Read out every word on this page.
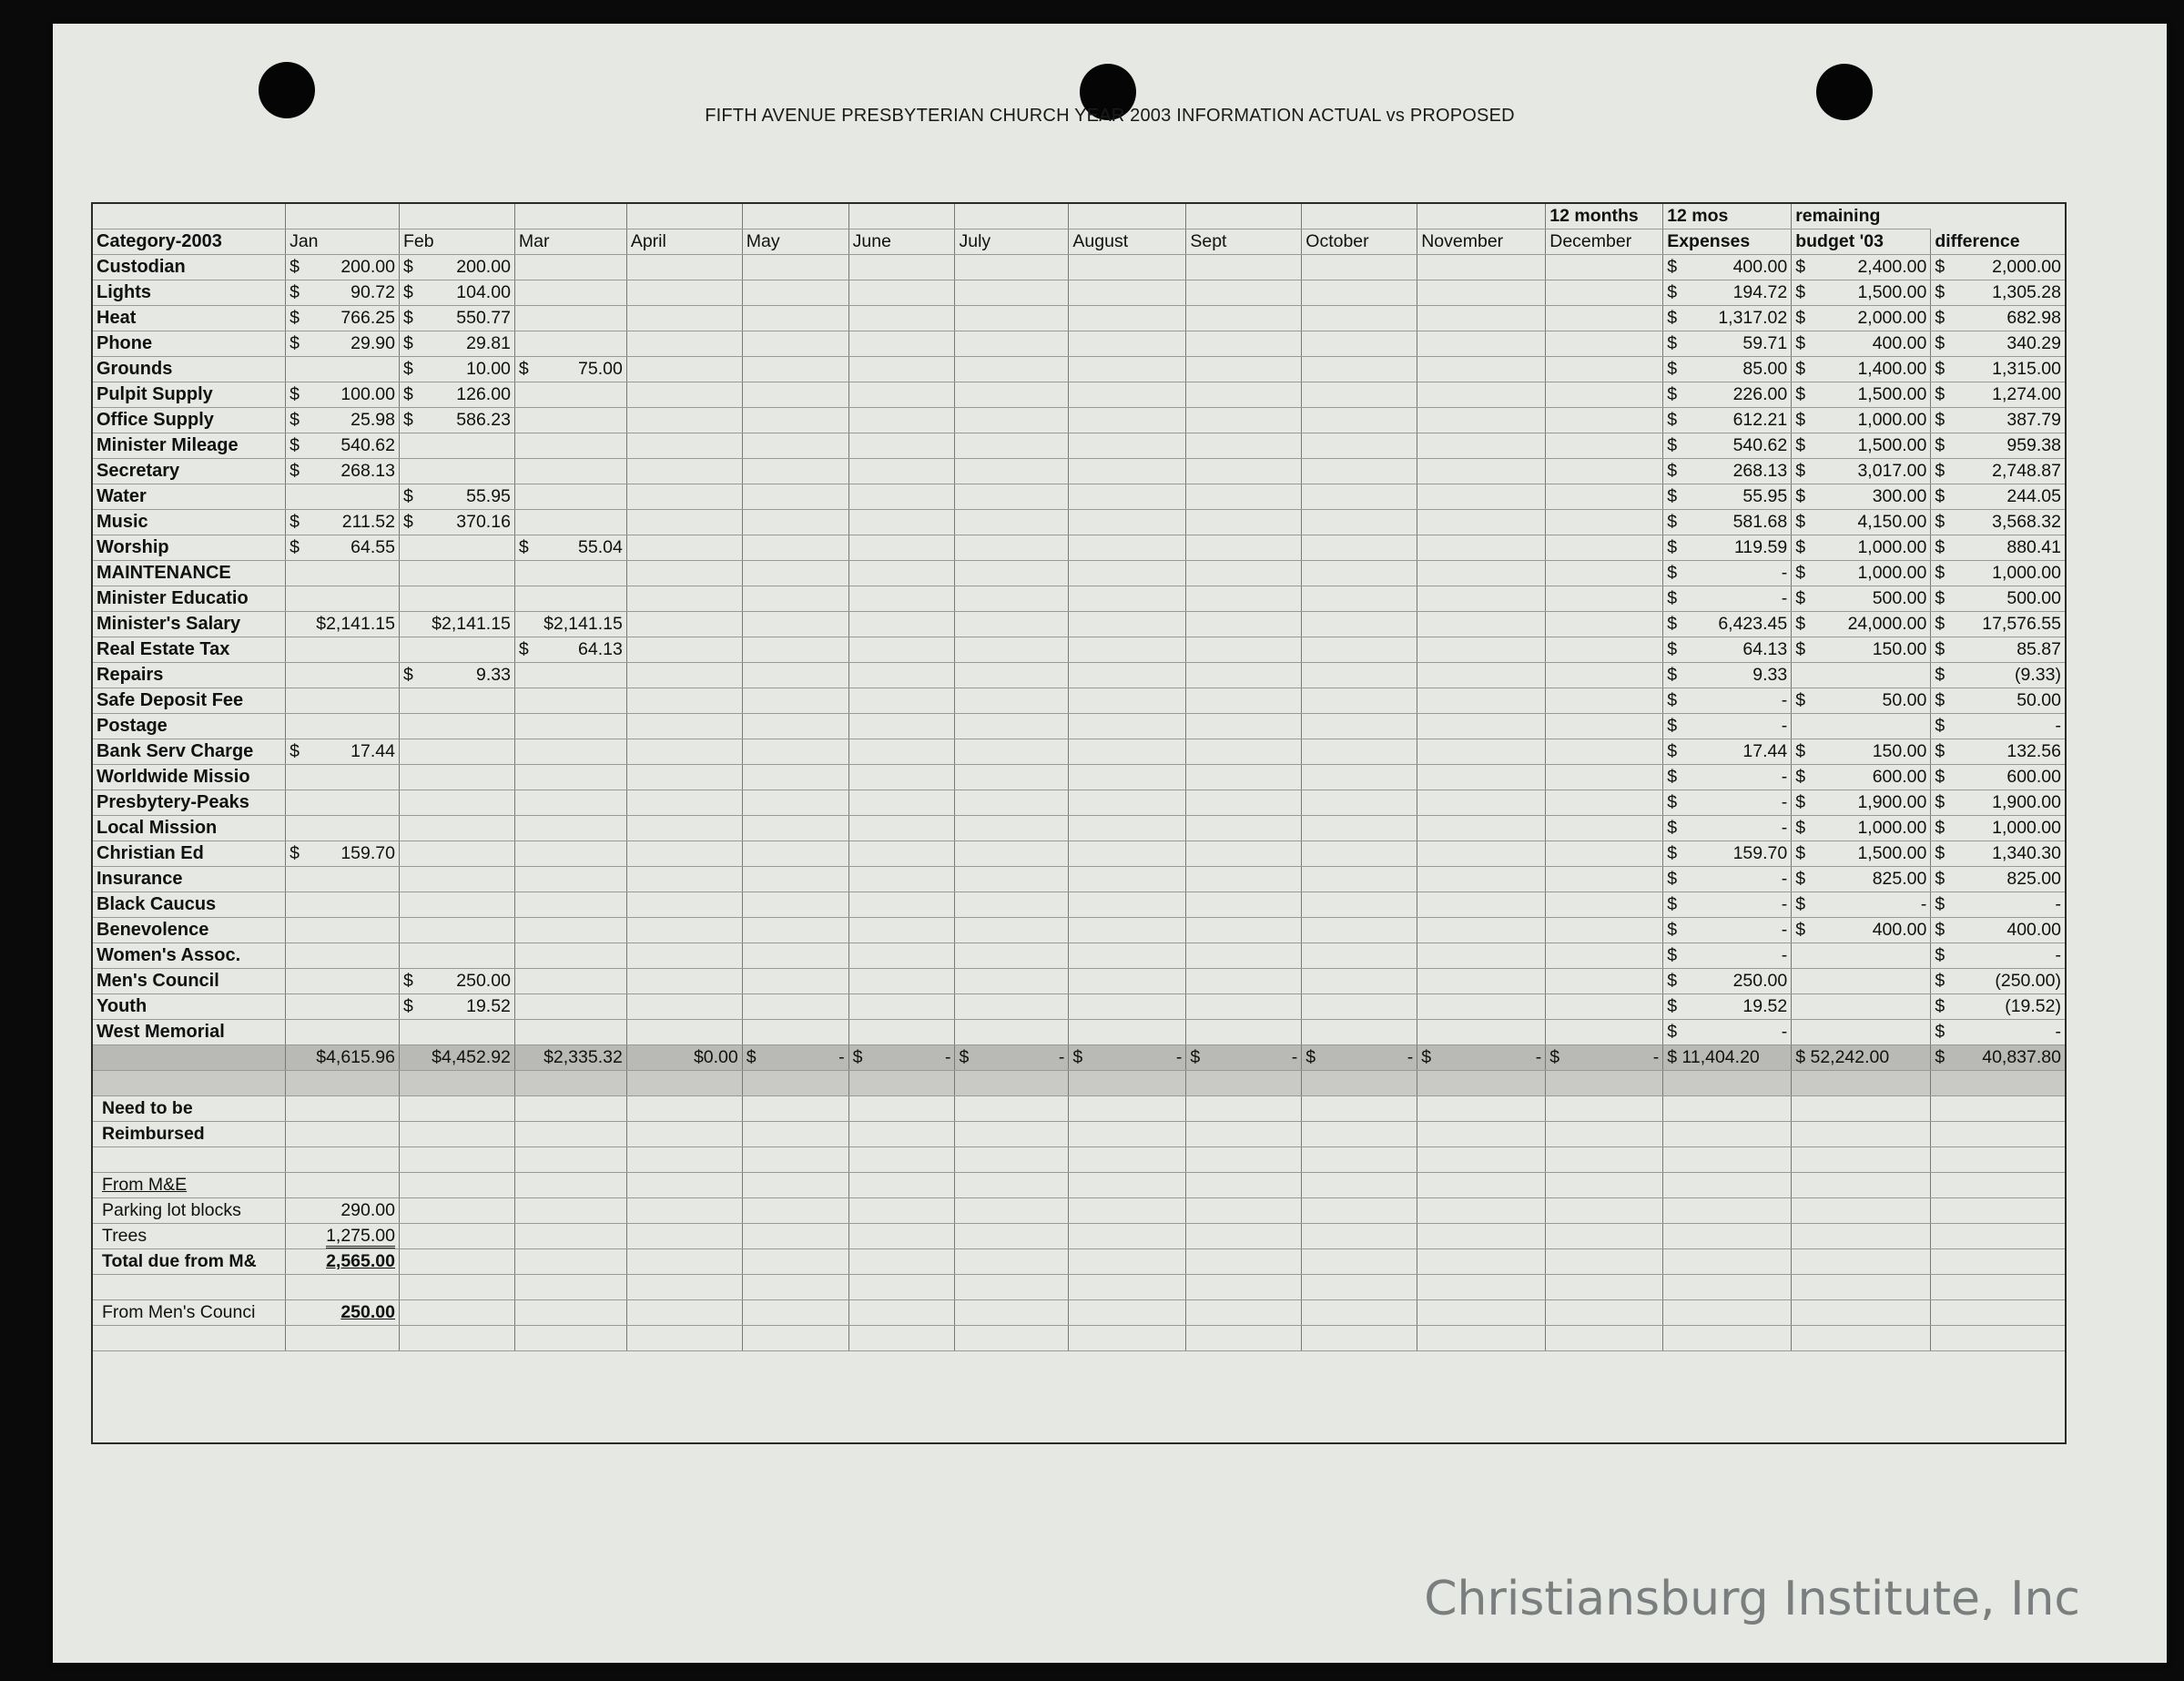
FIFTH AVENUE PRESBYTERIAN CHURCH YEAR 2003 INFORMATION ACTUAL vs PROPOSED
												12 months	12 mos	remaining	
Category-2003	Jan	Feb	Mar	April	May	June	July	August	Sept	October	November	December	Expenses	budget '03	difference
Custodian	$ 200.00	$ 200.00											$ 400.00	$ 2,400.00	$ 2,000.00

Lights	$ 90.72	$ 104.00											$ 194.72	$ 1,500.00	$ 1,305.28

Heat	$ 766.25	$ 550.77											$ 1,317.02	$ 2,000.00	$ 682.98

Phone	$ 29.90	$ 29.81											$ 59.71	$ 400.00	$ 340.29

Grounds		$ 10.00	$ 75.00										$ 85.00	$ 1,400.00	$ 1,315.00

Pulpit Supply	$ 100.00	$ 126.00											$ 226.00	$ 1,500.00	$ 1,274.00

Office Supply	$ 25.98	$ 586.23											$ 612.21	$ 1,000.00	$ 387.79

Minister Mileage	$ 540.62												$ 540.62	$ 1,500.00	$ 959.38

Secretary	$ 268.13												$ 268.13	$ 3,017.00	$ 2,748.87

Water		$ 55.95											$ 55.95	$ 300.00	$ 244.05

Music	$ 211.52	$ 370.16											$ 581.68	$ 4,150.00	$ 3,568.32

Worship	$ 64.55		$ 55.04										$ 119.59	$ 1,000.00	$ 880.41

MAINTENANCE													$ -	$ 1,000.00	$ 1,000.00

Minister Educatio													$ -	$ 500.00	$ 500.00

Minister's Salary	$2,141.15	$2,141.15	$2,141.15										$ 6,423.45	$ 24,000.00	$ 17,576.55

Real Estate Tax			$ 64.13										$ 64.13	$ 150.00	$ 85.87

Repairs		$ 9.33											$ 9.33		$ (9.33)

Safe Deposit Fee													$ -	$ 50.00	$ 50.00

Postage													$ -		$ -

Bank Serv Charge	$ 17.44												$ 17.44	$ 150.00	$ 132.56

Worldwide Missio													$ -	$ 600.00	$ 600.00

Presbytery-Peaks													$ -	$ 1,900.00	$ 1,900.00

Local Mission													$ -	$ 1,000.00	$ 1,000.00

Christian Ed	$ 159.70												$ 159.70	$ 1,500.00	$ 1,340.30

Insurance													$ -	$ 825.00	$ 825.00

Black Caucus													$ -	$ -	$ -

Benevolence													$ -	$ 400.00	$ 400.00

Women's Assoc.													$ -		$ -

Men's Council		$ 250.00											$ 250.00		$ (250.00)

Youth		$ 19.52											$ 19.52		$ (19.52)

West Memorial													$ -		$ -

	$4,615.96	$4,452.92	$2,335.32	$0.00	$ -	$ -	$ -	$ -	$ -	$ -	$ -	$ -	$ 11,404.20	$ 52,242.00	$ 40,837.80

Need to be															
Reimbursed															

From M&E															
Parking lot blocks	290.00														
Trees	1,275.00														
Total due from M&	2,565.00														

From Men's Counci	250.00														

Christiansburg Institute, Inc
